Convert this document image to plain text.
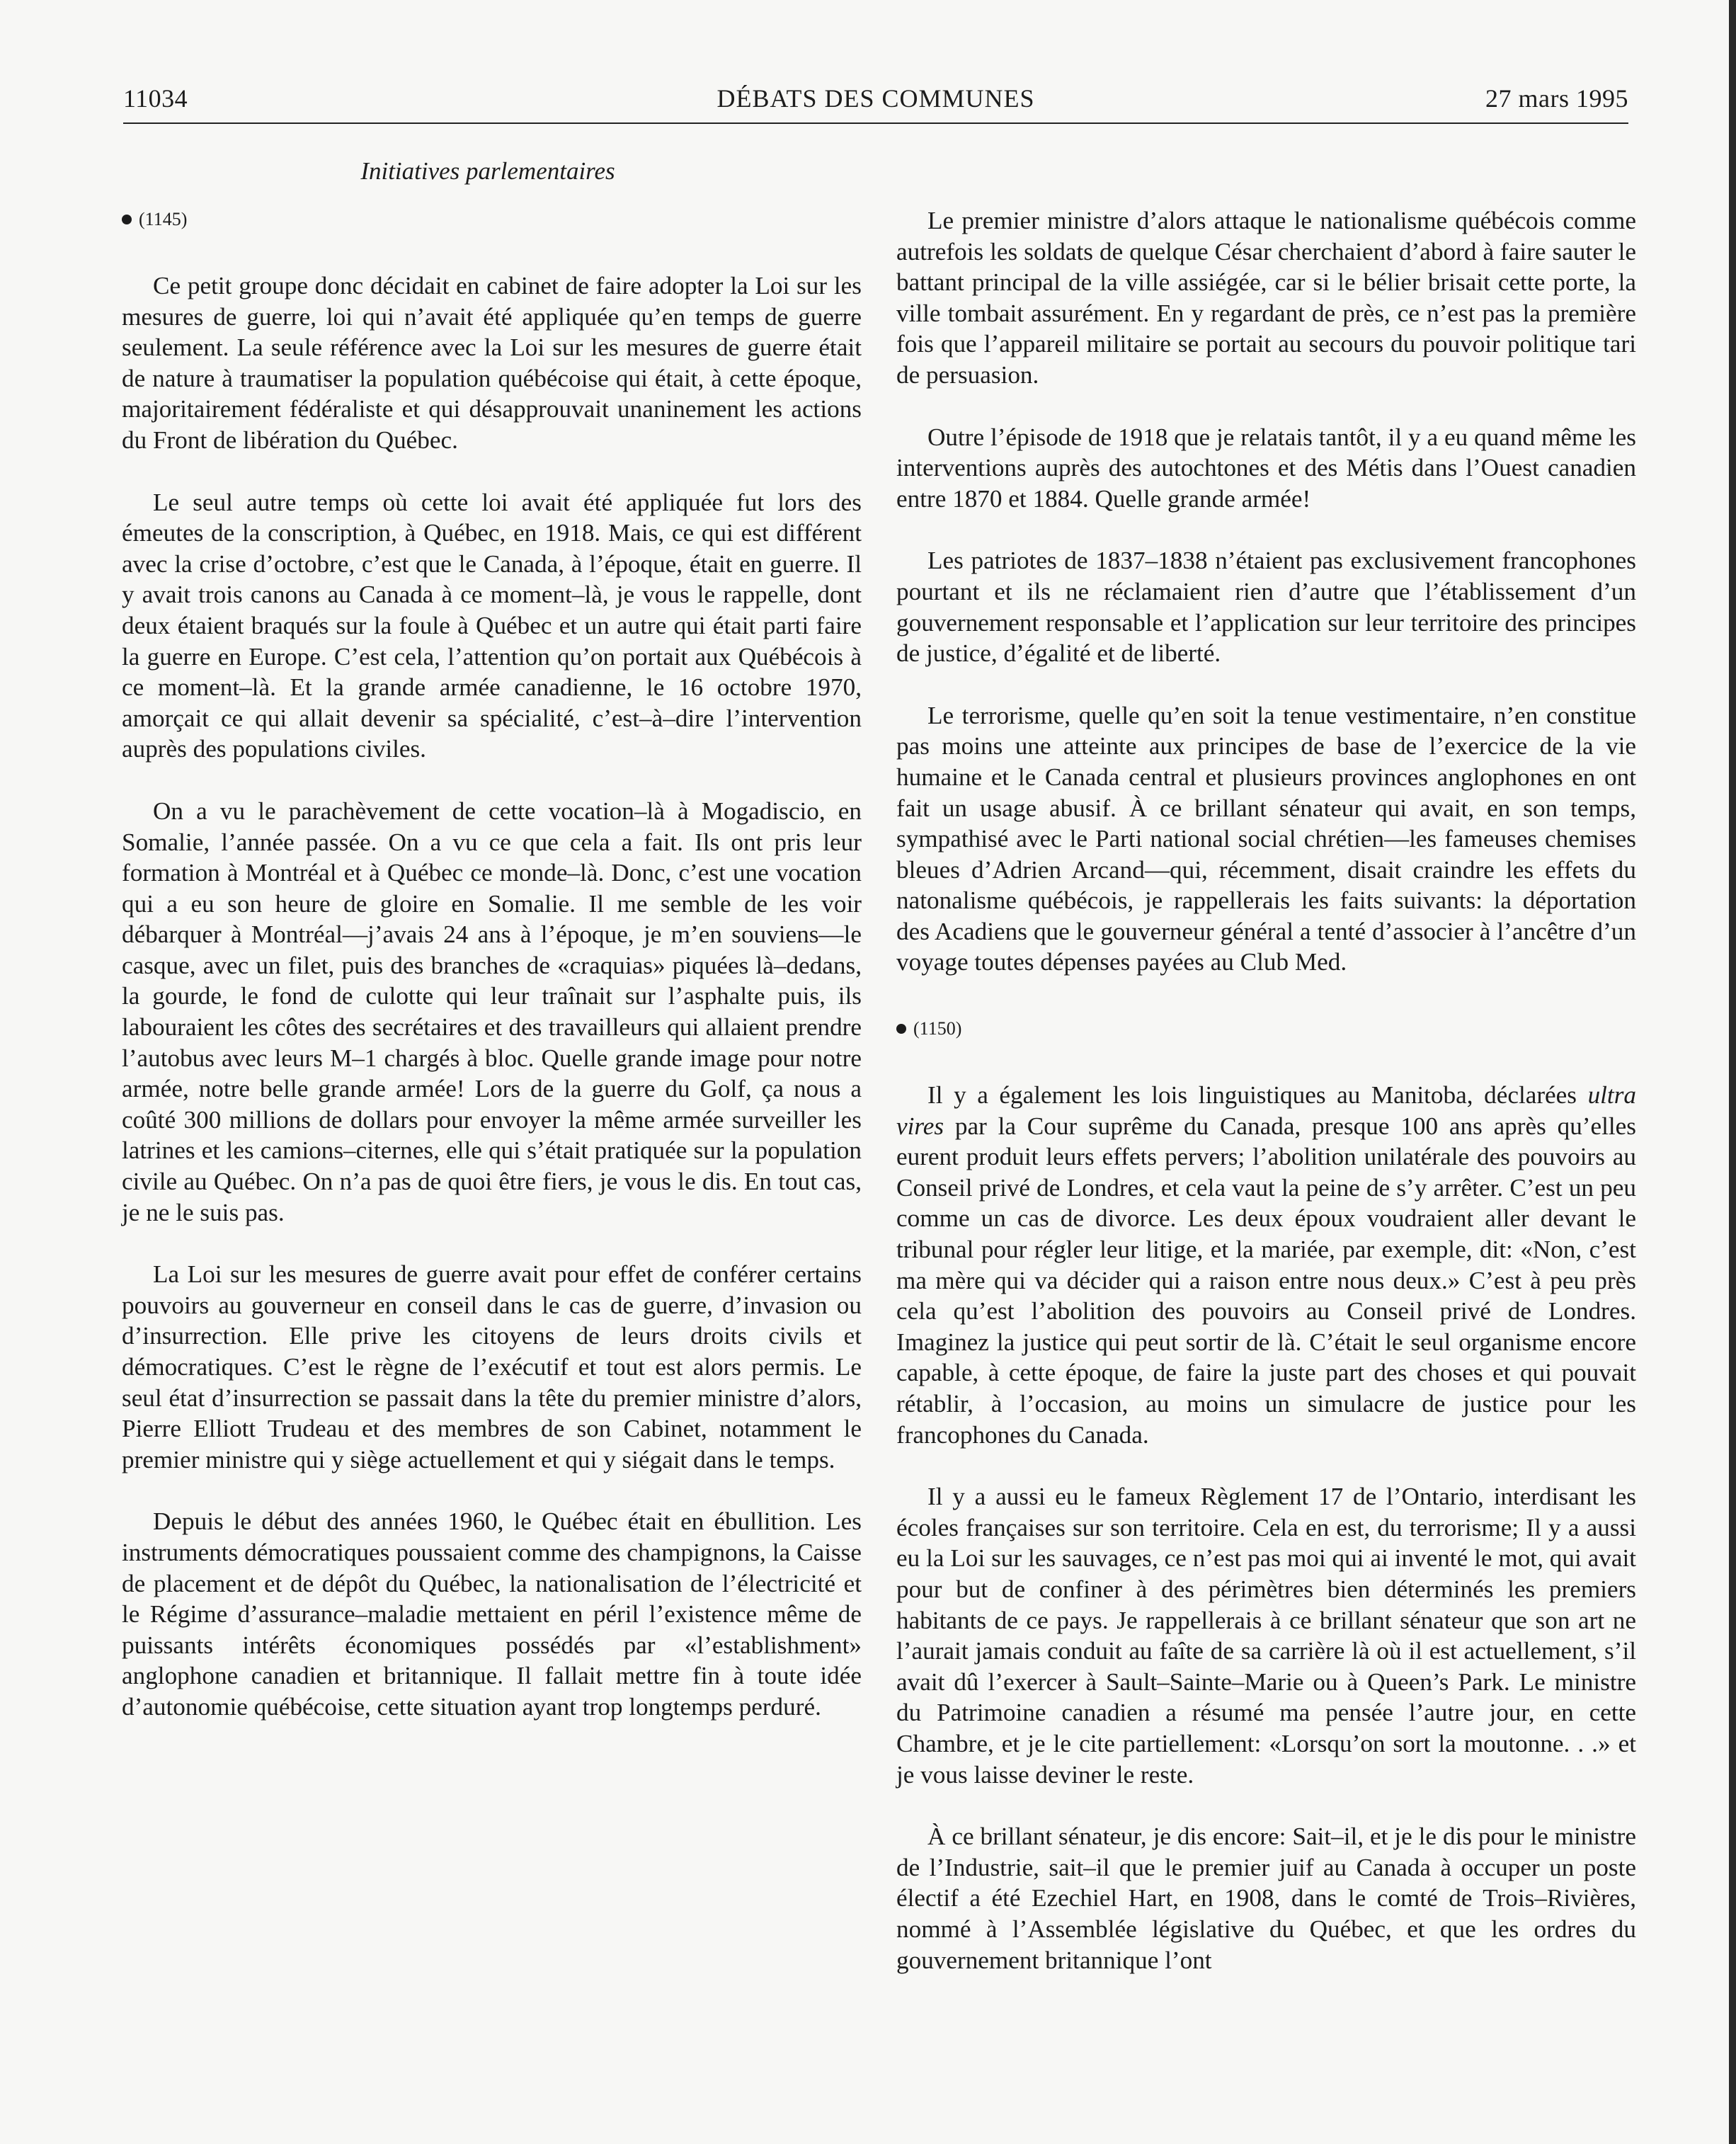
11034	DÉBATS DES COMMUNES	27 mars 1995
Initiatives parlementaires
(1145)

Ce petit groupe donc décidait en cabinet de faire adopter la Loi sur les mesures de guerre, loi qui n’avait été appliquée qu’en temps de guerre seulement. La seule référence avec la Loi sur les mesures de guerre était de nature à traumatiser la population québécoise qui était, à cette époque, majoritairement fédéraliste et qui désapprouvait unaninement les actions du Front de libération du Québec.

Le seul autre temps où cette loi avait été appliquée fut lors des émeutes de la conscription, à Québec, en 1918. Mais, ce qui est différent avec la crise d’octobre, c’est que le Canada, à l’époque, était en guerre. Il y avait trois canons au Canada à ce moment–là, je vous le rappelle, dont deux étaient braqués sur la foule à Québec et un autre qui était parti faire la guerre en Europe. C’est cela, l’attention qu’on portait aux Québécois à ce moment–là. Et la grande armée canadienne, le 16 octobre 1970, amorçait ce qui allait devenir sa spécialité, c’est–à–dire l’intervention auprès des populations civiles.

On a vu le parachèvement de cette vocation–là à Mogadiscio, en Somalie, l’année passée. On a vu ce que cela a fait. Ils ont pris leur formation à Montréal et à Québec ce monde–là. Donc, c’est une vocation qui a eu son heure de gloire en Somalie. Il me semble de les voir débarquer à Montréal—j’avais 24 ans à l’époque, je m’en souviens—le casque, avec un filet, puis des branches de «craquias» piquées là–dedans, la gourde, le fond de culotte qui leur traînait sur l’asphalte puis, ils labouraient les côtes des secrétaires et des travailleurs qui allaient prendre l’autobus avec leurs M–1 chargés à bloc. Quelle grande image pour notre armée, notre belle grande armée! Lors de la guerre du Golf, ça nous a coûté 300 millions de dollars pour envoyer la même armée surveiller les latrines et les camions–citernes, elle qui s’était pratiquée sur la population civile au Québec. On n’a pas de quoi être fiers, je vous le dis. En tout cas, je ne le suis pas.

La Loi sur les mesures de guerre avait pour effet de conférer certains pouvoirs au gouverneur en conseil dans le cas de guerre, d’invasion ou d’insurrection. Elle prive les citoyens de leurs droits civils et démocratiques. C’est le règne de l’exécutif et tout est alors permis. Le seul état d’insurrection se passait dans la tête du premier ministre d’alors, Pierre Elliott Trudeau et des membres de son Cabinet, notamment le premier ministre qui y siège actuellement et qui y siégait dans le temps.

Depuis le début des années 1960, le Québec était en ébullition. Les instruments démocratiques poussaient comme des champignons, la Caisse de placement et de dépôt du Québec, la nationalisation de l’électricité et le Régime d’assurance–maladie mettaient en péril l’existence même de puissants intérêts économiques possédés par «l’establishment» anglophone canadien et britannique. Il fallait mettre fin à toute idée d’autonomie québécoise, cette situation ayant trop longtemps perduré.

Le premier ministre d’alors attaque le nationalisme québécois comme autrefois les soldats de quelque César cherchaient d’abord à faire sauter le battant principal de la ville assiégée, car si le bélier brisait cette porte, la ville tombait assurément. En y regardant de près, ce n’est pas la première fois que l’appareil militaire se portait au secours du pouvoir politique tari de persuasion.

Outre l’épisode de 1918 que je relatais tantôt, il y a eu quand même les interventions auprès des autochtones et des Métis dans l’Ouest canadien entre 1870 et 1884. Quelle grande armée!

Les patriotes de 1837–1838 n’étaient pas exclusivement francophones pourtant et ils ne réclamaient rien d’autre que l’établissement d’un gouvernement responsable et l’application sur leur territoire des principes de justice, d’égalité et de liberté.

Le terrorisme, quelle qu’en soit la tenue vestimentaire, n’en constitue pas moins une atteinte aux principes de base de l’exercice de la vie humaine et le Canada central et plusieurs provinces anglophones en ont fait un usage abusif. À ce brillant sénateur qui avait, en son temps, sympathisé avec le Parti national social chrétien—les fameuses chemises bleues d’Adrien Arcand—qui, récemment, disait craindre les effets du natonalisme québécois, je rappellerais les faits suivants: la déportation des Acadiens que le gouverneur général a tenté d’associer à l’ancêtre d’un voyage toutes dépenses payées au Club Med.

(1150)

Il y a également les lois linguistiques au Manitoba, déclarées ultra vires par la Cour suprême du Canada, presque 100 ans après qu’elles eurent produit leurs effets pervers; l’abolition unilatérale des pouvoirs au Conseil privé de Londres, et cela vaut la peine de s’y arrêter. C’est un peu comme un cas de divorce. Les deux époux voudraient aller devant le tribunal pour régler leur litige, et la mariée, par exemple, dit: «Non, c’est ma mère qui va décider qui a raison entre nous deux.» C’est à peu près cela qu’est l’abolition des pouvoirs au Conseil privé de Londres. Imaginez la justice qui peut sortir de là. C’était le seul organisme encore capable, à cette époque, de faire la juste part des choses et qui pouvait rétablir, à l’occasion, au moins un simulacre de justice pour les francophones du Canada.

Il y a aussi eu le fameux Règlement 17 de l’Ontario, interdisant les écoles françaises sur son territoire. Cela en est, du terrorisme; Il y a aussi eu la Loi sur les sauvages, ce n’est pas moi qui ai inventé le mot, qui avait pour but de confiner à des périmètres bien déterminés les premiers habitants de ce pays. Je rappellerais à ce brillant sénateur que son art ne l’aurait jamais conduit au faîte de sa carrière là où il est actuellement, s’il avait dû l’exercer à Sault–Sainte–Marie ou à Queen’s Park. Le ministre du Patrimoine canadien a résumé ma pensée l’autre jour, en cette Chambre, et je le cite partiellement: «Lorsqu’on sort la moutonne. . .» et je vous laisse deviner le reste.

À ce brillant sénateur, je dis encore: Sait–il, et je le dis pour le ministre de l’Industrie, sait–il que le premier juif au Canada à occuper un poste électif a été Ezechiel Hart, en 1908, dans le comté de Trois–Rivières, nommé à l’Assemblée législative du Québec, et que les ordres du gouvernement britannique l’ont
